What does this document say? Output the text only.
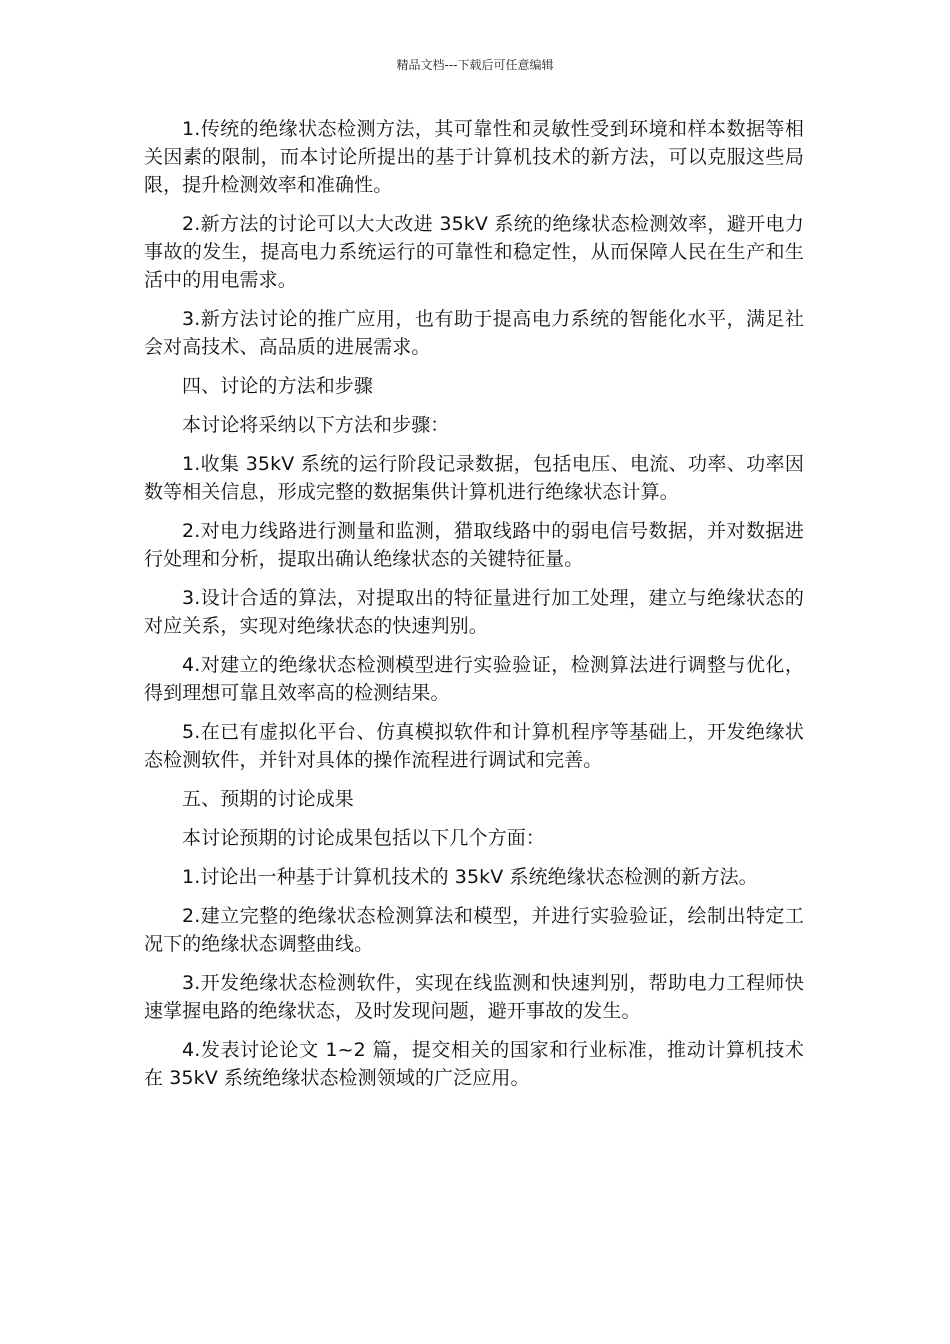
精品文档---下载后可任意编辑

1.传统的绝缘状态检测方法，其可靠性和灵敏性受到环境和样本数据等相关因素的限制，而本讨论所提出的基于计算机技术的新方法，可以克服这些局限，提升检测效率和准确性。

2.新方法的讨论可以大大改进 35kV 系统的绝缘状态检测效率，避开电力事故的发生，提高电力系统运行的可靠性和稳定性，从而保障人民在生产和生活中的用电需求。

3.新方法讨论的推广应用，也有助于提高电力系统的智能化水平，满足社会对高技术、高品质的进展需求。

四、讨论的方法和步骤

本讨论将采纳以下方法和步骤：

1.收集 35kV 系统的运行阶段记录数据，包括电压、电流、功率、功率因数等相关信息，形成完整的数据集供计算机进行绝缘状态计算。

2.对电力线路进行测量和监测，猎取线路中的弱电信号数据，并对数据进行处理和分析，提取出确认绝缘状态的关键特征量。

3.设计合适的算法，对提取出的特征量进行加工处理，建立与绝缘状态的对应关系，实现对绝缘状态的快速判别。

4.对建立的绝缘状态检测模型进行实验验证，检测算法进行调整与优化，得到理想可靠且效率高的检测结果。

5.在已有虚拟化平台、仿真模拟软件和计算机程序等基础上，开发绝缘状态检测软件，并针对具体的操作流程进行调试和完善。

五、预期的讨论成果

本讨论预期的讨论成果包括以下几个方面：

1.讨论出一种基于计算机技术的 35kV 系统绝缘状态检测的新方法。

2.建立完整的绝缘状态检测算法和模型，并进行实验验证，绘制出特定工况下的绝缘状态调整曲线。

3.开发绝缘状态检测软件，实现在线监测和快速判别，帮助电力工程师快速掌握电路的绝缘状态，及时发现问题，避开事故的发生。

4.发表讨论论文 1~2 篇，提交相关的国家和行业标准，推动计算机技术在 35kV 系统绝缘状态检测领域的广泛应用。
